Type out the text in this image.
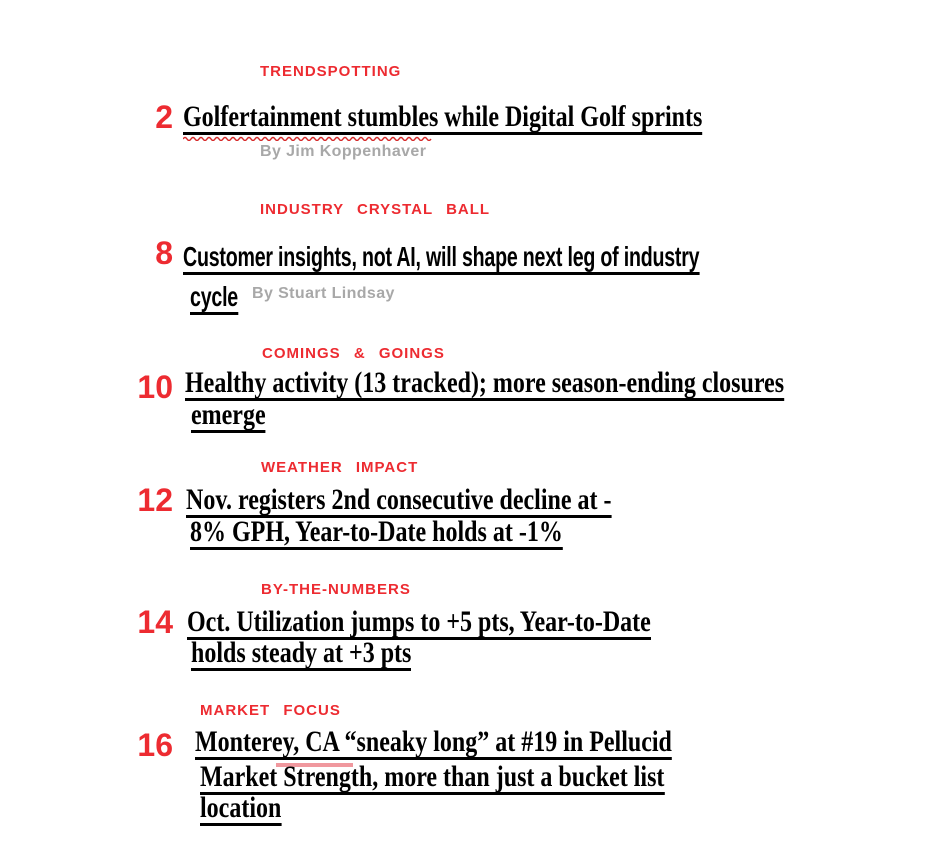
TRENDSPOTTING
2 Golfertainment stumbles while Digital Golf sprints
By Jim Koppenhaver
INDUSTRY CRYSTAL BALL
8 Customer insights, not AI, will shape next leg of industry
cycle By Stuart Lindsay
COMINGS & GOINGS
10 Healthy activity (13 tracked); more season-ending closures
emerge
WEATHER IMPACT
12 Nov. registers 2nd consecutive decline at -
8% GPH, Year-to-Date holds at -1%
BY-THE-NUMBERS
14 Oct. Utilization jumps to +5 pts, Year-to-Date
holds steady at +3 pts
MARKET FOCUS
16 Monterey, CA “sneaky long” at #19 in Pellucid
Market Strength, more than just a bucket list
location
